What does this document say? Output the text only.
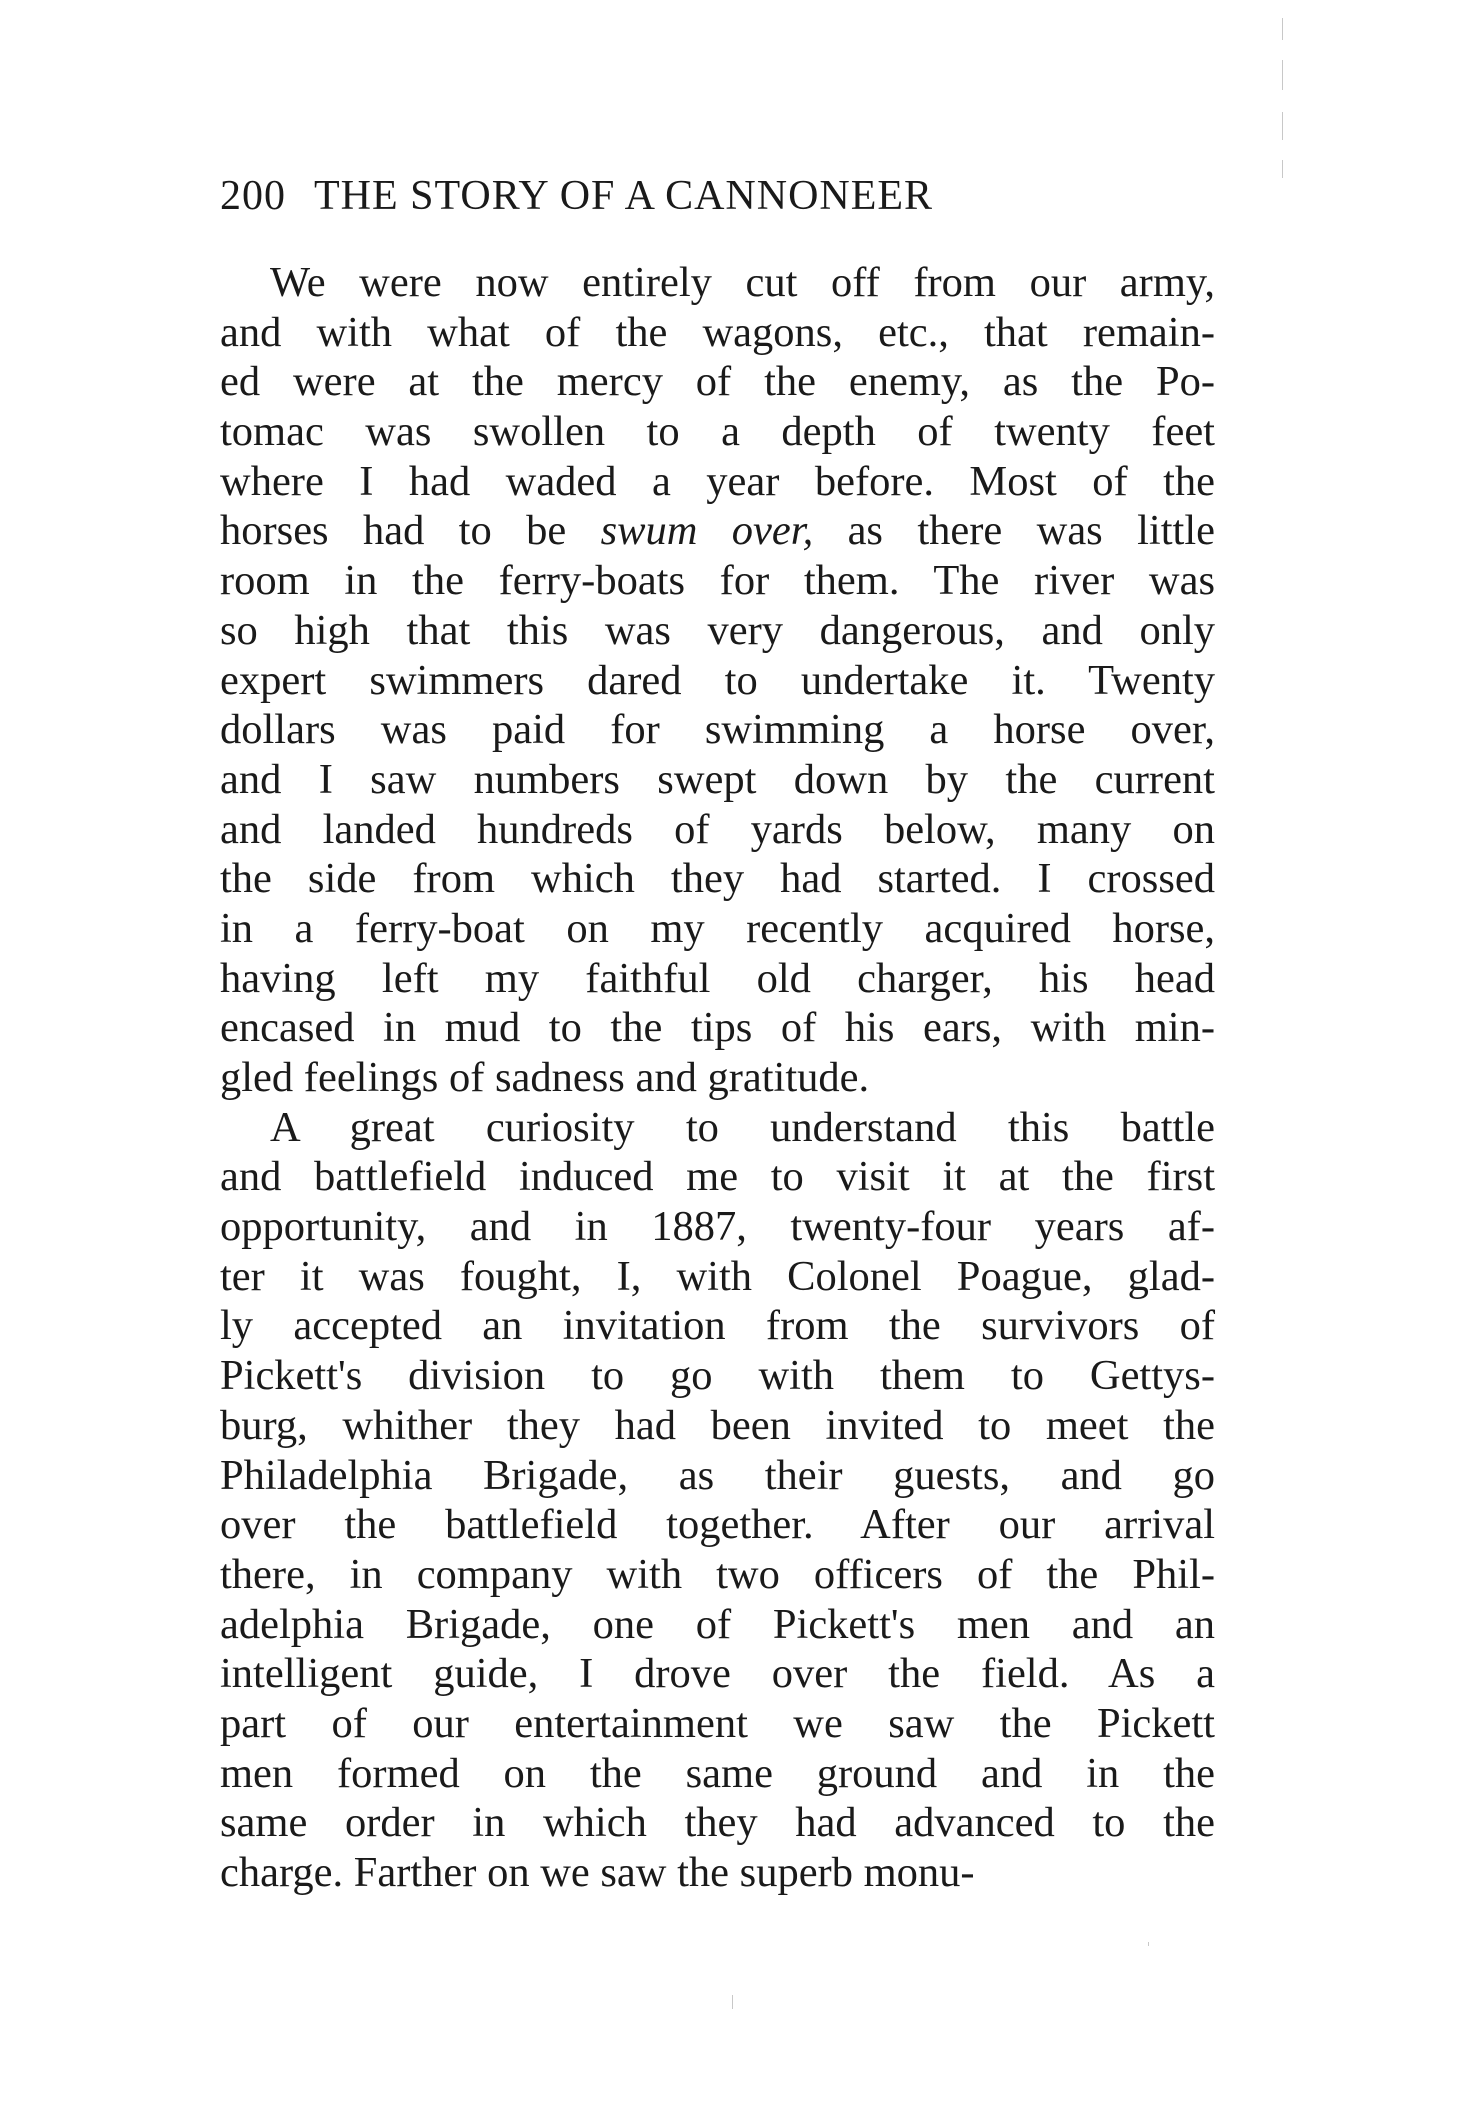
200 THE STORY OF A CANNONEER
We were now entirely cut off from our army,
and with what of the wagons, etc., that remain-
ed were at the mercy of the enemy, as the Po-
tomac was swollen to a depth of twenty feet
where I had waded a year before. Most of the
horses had to be swum over, as there was little
room in the ferry-boats for them. The river was
so high that this was very dangerous, and only
expert swimmers dared to undertake it. Twenty
dollars was paid for swimming a horse over,
and I saw numbers swept down by the current
and landed hundreds of yards below, many on
the side from which they had started. I crossed
in a ferry-boat on my recently acquired horse,
having left my faithful old charger, his head
encased in mud to the tips of his ears, with min-
gled feelings of sadness and gratitude.
A great curiosity to understand this battle
and battlefield induced me to visit it at the first
opportunity, and in 1887, twenty-four years af-
ter it was fought, I, with Colonel Poague, glad-
ly accepted an invitation from the survivors of
Pickett's division to go with them to Gettys-
burg, whither they had been invited to meet the
Philadelphia Brigade, as their guests, and go
over the battlefield together. After our arrival
there, in company with two officers of the Phil-
adelphia Brigade, one of Pickett's men and an
intelligent guide, I drove over the field. As a
part of our entertainment we saw the Pickett
men formed on the same ground and in the
same order in which they had advanced to the
charge. Farther on we saw the superb monu-
